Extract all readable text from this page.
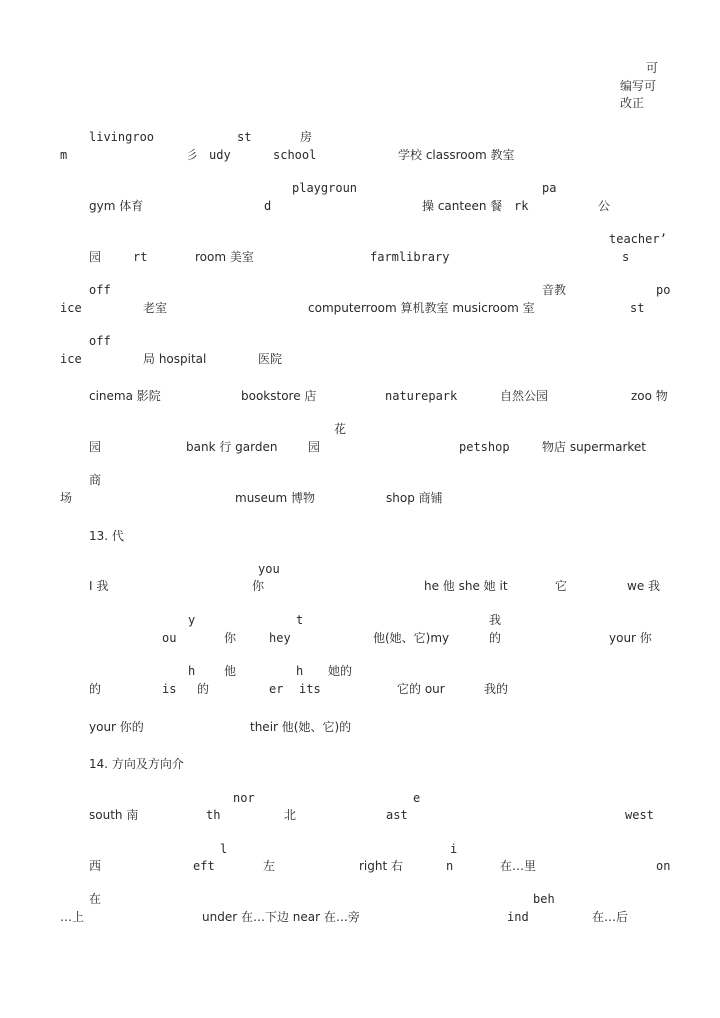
可
编写可
改正
livingroo	st	房
m	彡 udy	school	学校 classroom 教室
playgroun	pa
gym 体育	d	操 canteen 餐 rk	公
teacher’
园	rt	room 美室	farmlibrary	s
off	音教	po
ice	老室	computerroom 算机教室 musicroom 室	st
off
ice	局 hospital	医院
cinema 影院	bookstore 店	naturepark	自然公园	zoo 物
花
园	bank 行 garden	园	petshop	物店 supermarket
商
场	museum 博物	shop 商铺
13. 代
you
I 我	你	he 他 she 她 it	它	we 我
y	t	我
ou	你	hey	他(她、它)my	的	your 你
h 他	h 她的
的	is 的	er its	它的 our	我的
your 你的	their 他(她、它)的
14. 方向及方向介
nor	e
south 南	th	北	ast	west
l	i
西	eft	左	right 右	n	在…里	on
在	beh
…上	under 在…下边 near 在…旁	ind	在…后
